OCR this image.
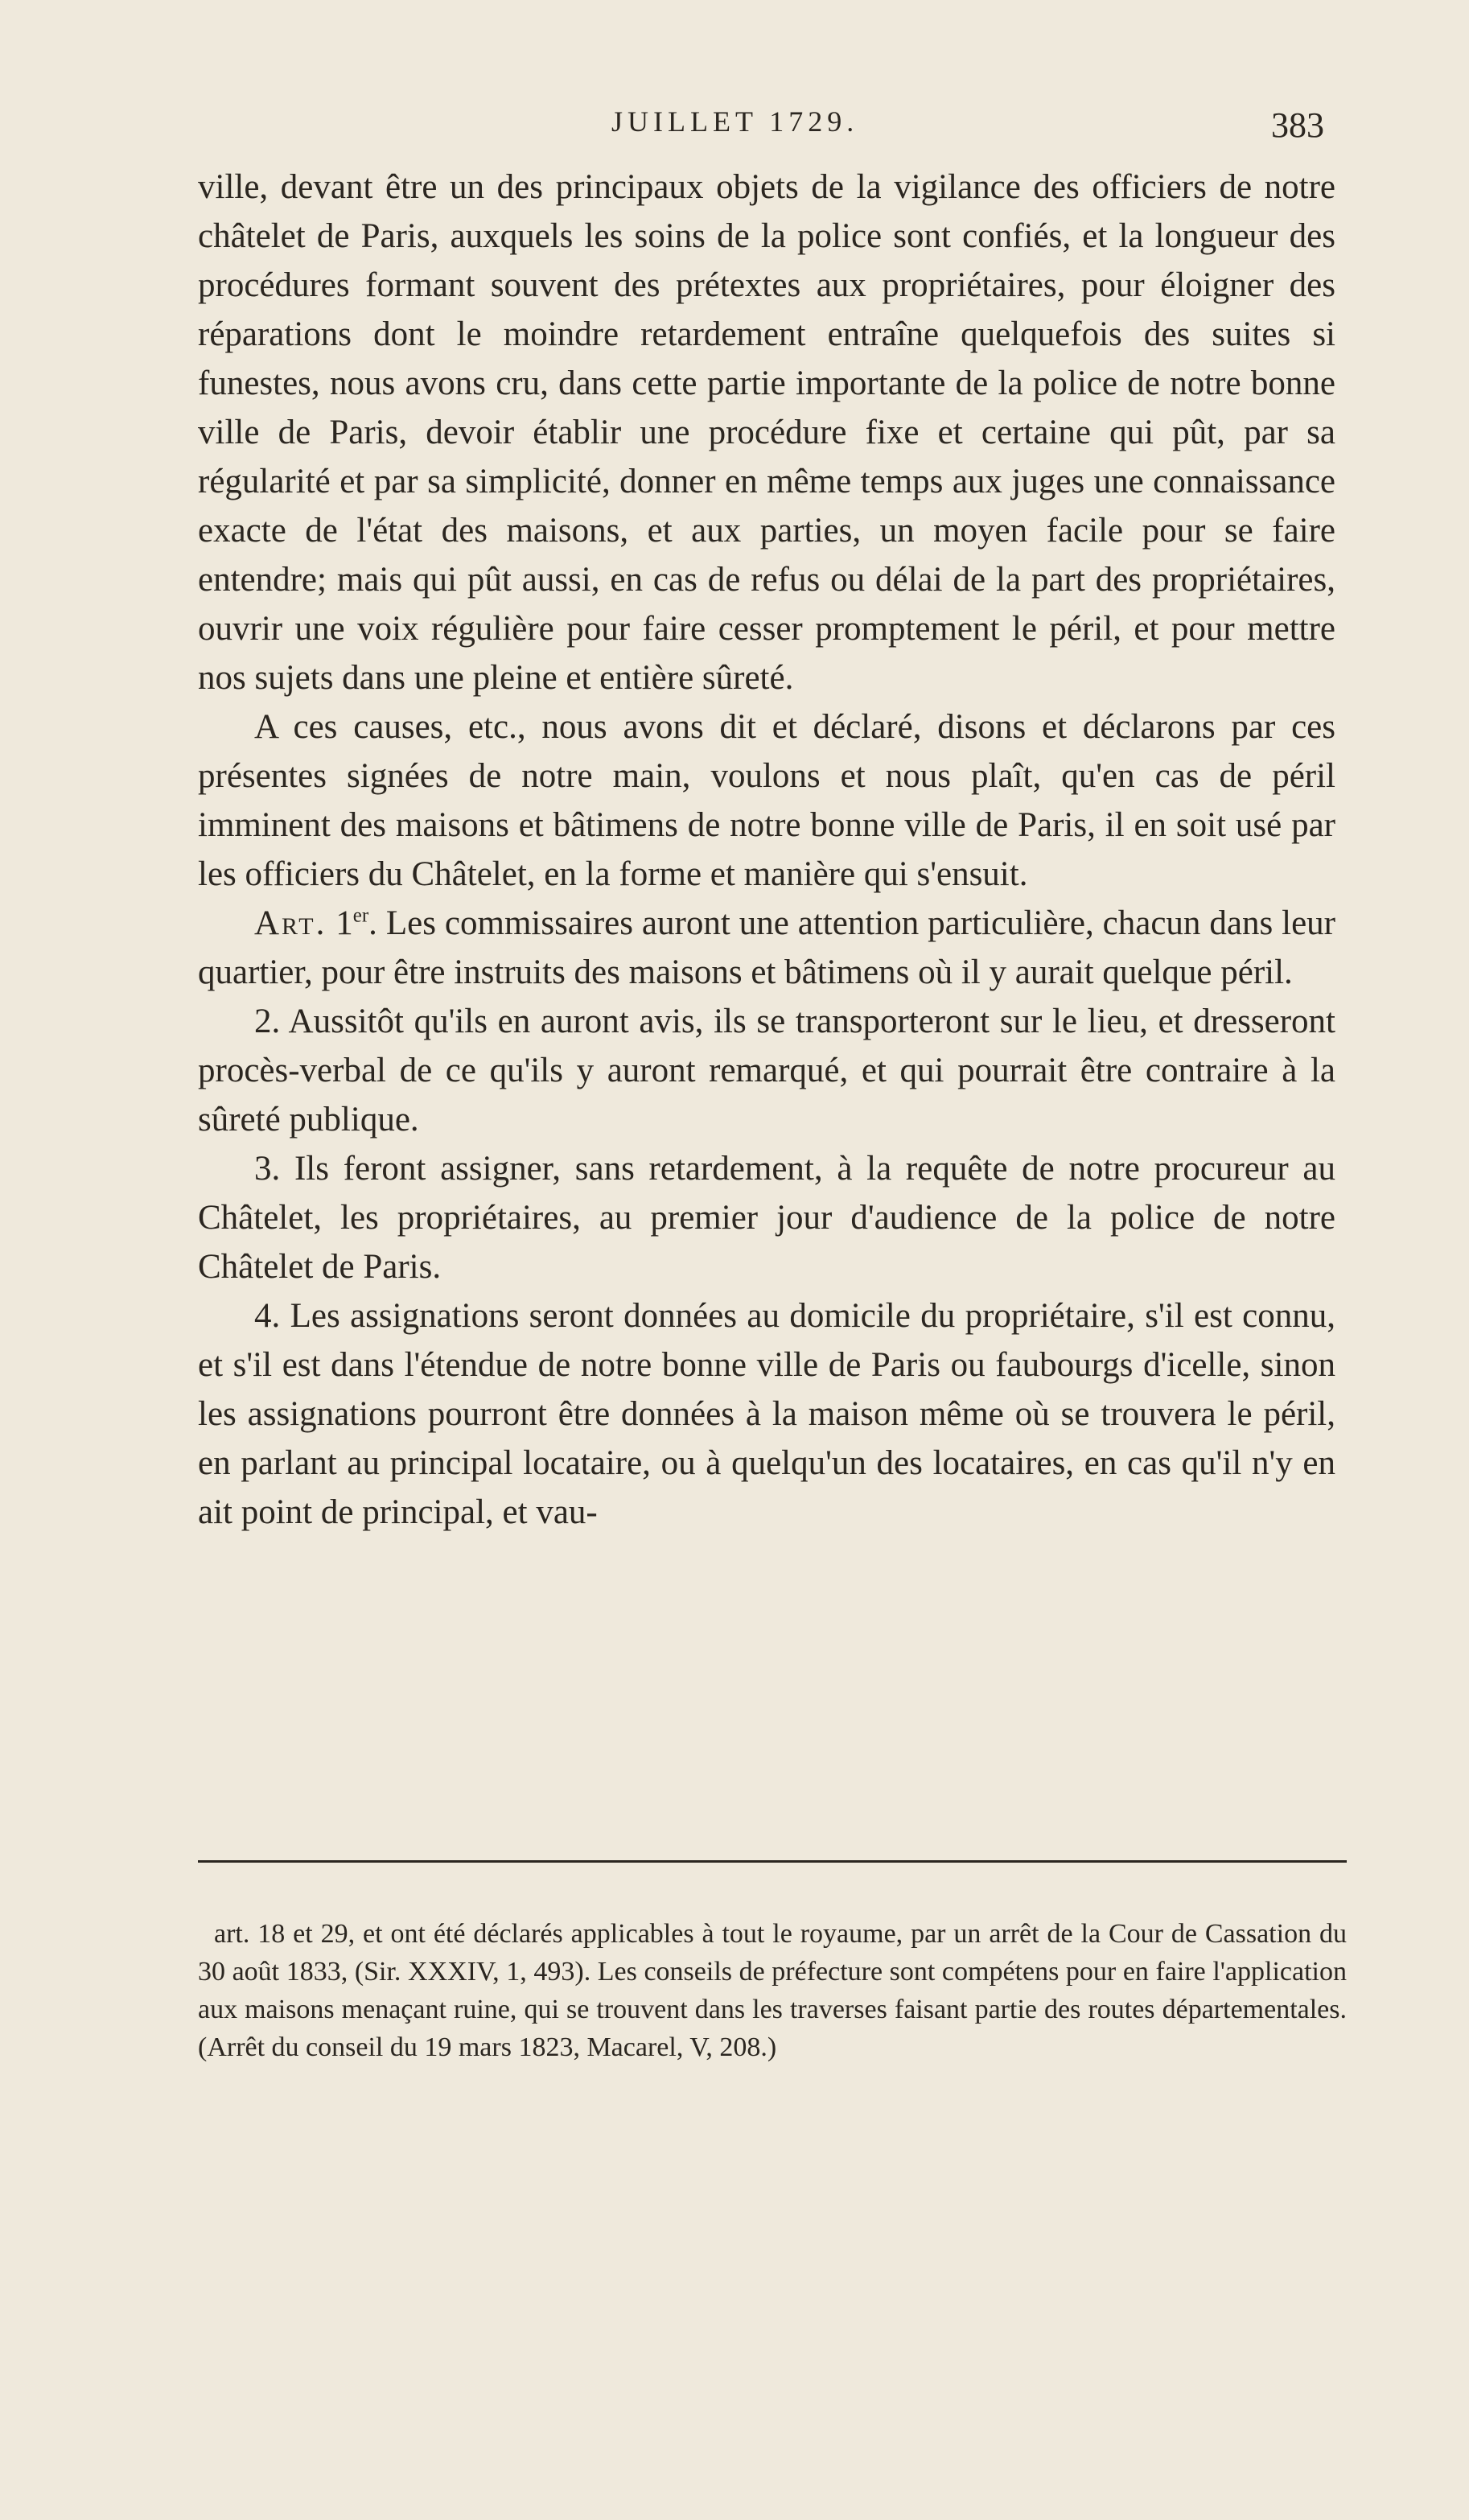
JUILLET 1729.	383

ville, devant être un des principaux objets de la vigilance des officiers de notre châtelet de Paris, auxquels les soins de la police sont confiés, et la longueur des procédures formant souvent des prétextes aux propriétaires, pour éloigner des réparations dont le moindre retardement entraîne quelquefois des suites si funestes, nous avons cru, dans cette partie importante de la police de notre bonne ville de Paris, devoir établir une procédure fixe et certaine qui pût, par sa régularité et par sa simplicité, donner en même temps aux juges une connaissance exacte de l'état des maisons, et aux parties, un moyen facile pour se faire entendre; mais qui pût aussi, en cas de refus ou délai de la part des propriétaires, ouvrir une voix régulière pour faire cesser promptement le péril, et pour mettre nos sujets dans une pleine et entière sûreté.

A ces causes, etc., nous avons dit et déclaré, disons et déclarons par ces présentes signées de notre main, voulons et nous plaît, qu'en cas de péril imminent des maisons et bâtimens de notre bonne ville de Paris, il en soit usé par les officiers du Châtelet, en la forme et manière qui s'ensuit.

Art. 1er. Les commissaires auront une attention particulière, chacun dans leur quartier, pour être instruits des maisons et bâtimens où il y aurait quelque péril.

2. Aussitôt qu'ils en auront avis, ils se transporteront sur le lieu, et dresseront procès-verbal de ce qu'ils y auront remarqué, et qui pourrait être contraire à la sûreté publique.

3. Ils feront assigner, sans retardement, à la requête de notre procureur au Châtelet, les propriétaires, au premier jour d'audience de la police de notre Châtelet de Paris.

4. Les assignations seront données au domicile du propriétaire, s'il est connu, et s'il est dans l'étendue de notre bonne ville de Paris ou faubourgs d'icelle, sinon les assignations pourront être données à la maison même où se trouvera le péril, en parlant au principal locataire, ou à quelqu'un des locataires, en cas qu'il n'y en ait point de principal, et vau-

art. 18 et 29, et ont été déclarés applicables à tout le royaume, par un arrêt de la Cour de Cassation du 30 août 1833, (Sir. XXXIV, 1, 493). Les conseils de préfecture sont compétens pour en faire l'application aux maisons menaçant ruine, qui se trouvent dans les traverses faisant partie des routes départementales. (Arrêt du conseil du 19 mars 1823, Macarel, V, 208.)
